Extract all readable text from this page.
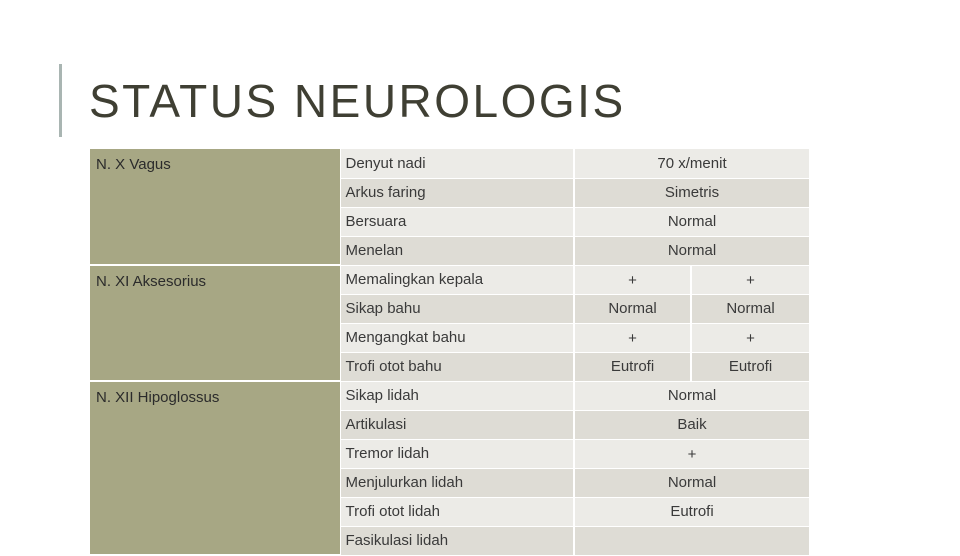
STATUS NEUROLOGIS
N. X Vagus	Denyut nadi	70 x/menit	
	Arkus faring	Simetris	
	Bersuara	Normal	
	Menelan	Normal	
N. XI Aksesorius	Memalingkan kepala	+	+
	Sikap bahu	Normal	Normal
	Mengangkat bahu	+	+
	Trofi otot bahu	Eutrofi	Eutrofi
N. XII Hipoglossus	Sikap lidah	Normal	
	Artikulasi	Baik	
	Tremor lidah	+	
	Menjulurkan lidah	Normal	
	Trofi otot lidah	Eutrofi	
	Fasikulasi lidah		
